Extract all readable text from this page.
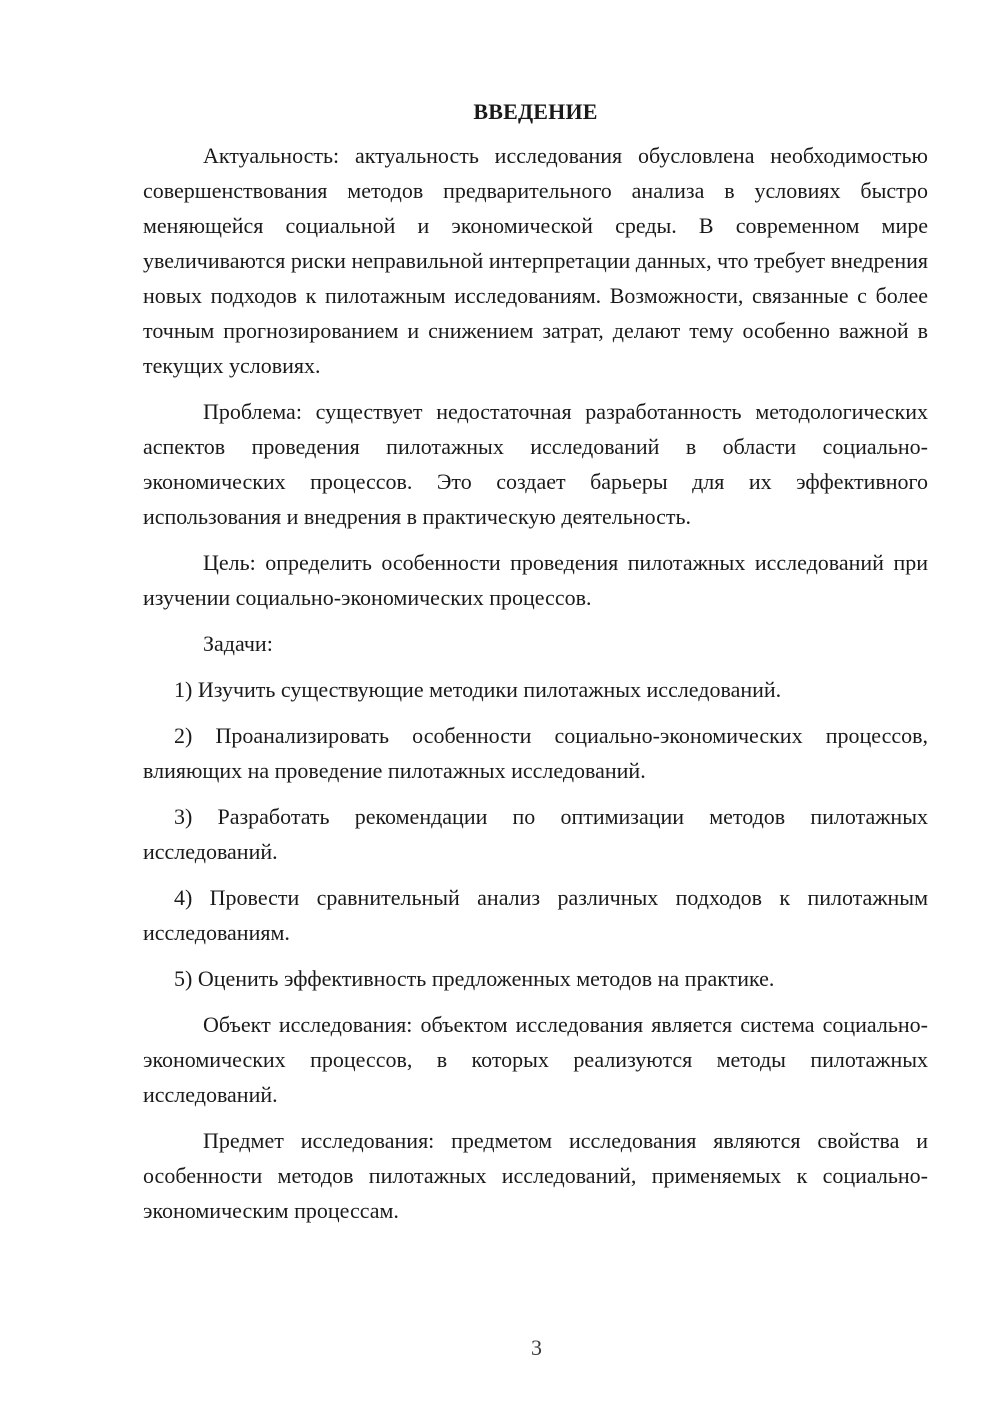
ВВЕДЕНИЕ

Актуальность: актуальность исследования обусловлена необходимостью совершенствования методов предварительного анализа в условиях быстро меняющейся социальной и экономической среды. В современном мире увеличиваются риски неправильной интерпретации данных, что требует внедрения новых подходов к пилотажным исследованиям. Возможности, связанные с более точным прогнозированием и снижением затрат, делают тему особенно важной в текущих условиях.

Проблема: существует недостаточная разработанность методологических аспектов проведения пилотажных исследований в области социально-экономических процессов. Это создает барьеры для их эффективного использования и внедрения в практическую деятельность.

Цель: определить особенности проведения пилотажных исследований при изучении социально-экономических процессов.

Задачи:

1) Изучить существующие методики пилотажных исследований.

2) Проанализировать особенности социально-экономических процессов, влияющих на проведение пилотажных исследований.

3) Разработать рекомендации по оптимизации методов пилотажных исследований.

4) Провести сравнительный анализ различных подходов к пилотажным исследованиям.

5) Оценить эффективность предложенных методов на практике.

Объект исследования: объектом исследования является система социально-экономических процессов, в которых реализуются методы пилотажных исследований.

Предмет исследования: предметом исследования являются свойства и особенности методов пилотажных исследований, применяемых к социально-экономическим процессам.

3
